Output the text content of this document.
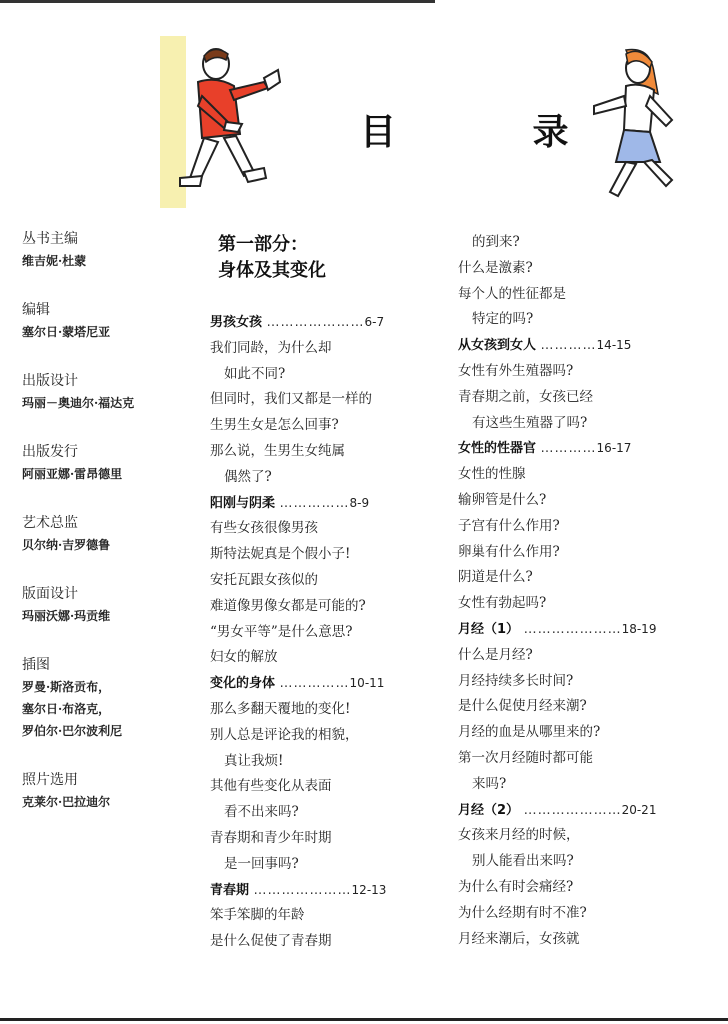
目 录
丛书主编
维吉妮·杜蒙
编辑
塞尔日·蒙塔尼亚
出版设计
玛丽－奥迪尔·福达克
出版发行
阿丽亚娜·雷昂德里
艺术总监
贝尔纳·吉罗德鲁
版面设计
玛丽沃娜·玛贡维
插图
罗曼·斯洛贡布，
塞尔日·布洛克，
罗伯尔·巴尔波利尼
照片选用
克莱尔·巴拉迪尔
第一部分：
身体及其变化
男孩女孩 …………………6-7
我们同龄，为什么却
如此不同?
但同时，我们又都是一样的
生男生女是怎么回事?
那么说，生男生女纯属
偶然了?
阳刚与阴柔 ……………8-9
有些女孩很像男孩
斯特法妮真是个假小子!
安托瓦跟女孩似的
难道像男像女都是可能的?
“男女平等”是什么意思?
妇女的解放
变化的身体 ……………10-11
那么多翻天覆地的变化!
别人总是评论我的相貌，
真让我烦!
其他有些变化从表面
看不出来吗?
青春期和青少年时期
是一回事吗?
青春期 …………………12-13
笨手笨脚的年龄
是什么促使了青春期
的到来?
什么是激素?
每个人的性征都是
特定的吗?
从女孩到女人 …………14-15
女性有外生殖器吗?
青春期之前，女孩已经
有这些生殖器了吗?
女性的性器官 …………16-17
女性的性腺
输卵管是什么?
子宫有什么作用?
卵巢有什么作用?
阴道是什么?
女性有勃起吗?
月经（1） …………………18-19
什么是月经?
月经持续多长时间?
是什么促使月经来潮?
月经的血是从哪里来的?
第一次月经随时都可能
来吗?
月经（2） …………………20-21
女孩来月经的时候，
别人能看出来吗?
为什么有时会痛经?
为什么经期有时不准?
月经来潮后，女孩就
